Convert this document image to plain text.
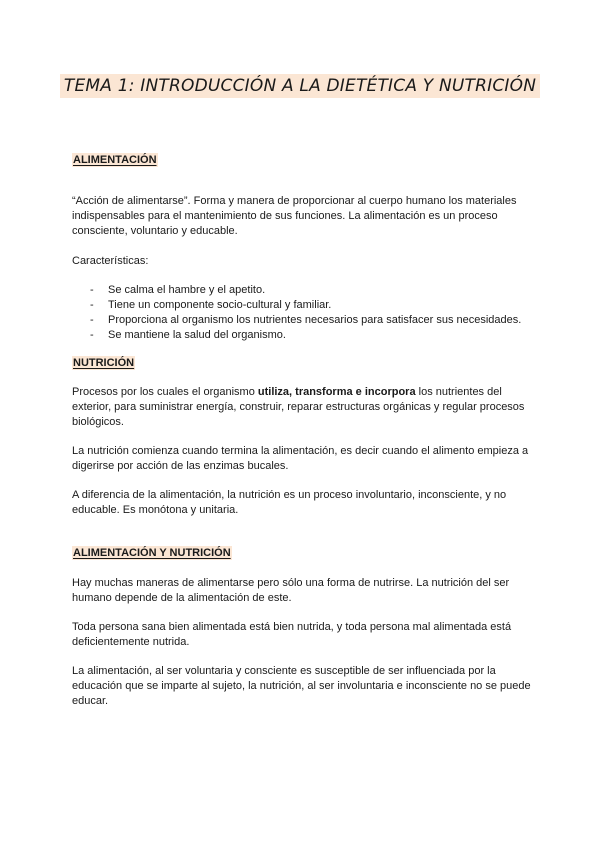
TEMA 1: INTRODUCCIÓN A LA DIETÉTICA Y NUTRICIÓN
ALIMENTACIÓN

“Acción de alimentarse”. Forma y manera de proporcionar al cuerpo humano los materiales indispensables para el mantenimiento de sus funciones. La alimentación es un proceso consciente, voluntario y educable.

Características:

- Se calma el hambre y el apetito.
- Tiene un componente socio-cultural y familiar.
- Proporciona al organismo los nutrientes necesarios para satisfacer sus necesidades.
- Se mantiene la salud del organismo.
NUTRICIÓN

Procesos por los cuales el organismo utiliza, transforma e incorpora los nutrientes del exterior, para suministrar energía, construir, reparar estructuras orgánicas y regular procesos biológicos.

La nutrición comienza cuando termina la alimentación, es decir cuando el alimento empieza a digerirse por acción de las enzimas bucales.

A diferencia de la alimentación, la nutrición es un proceso involuntario, inconsciente, y no educable. Es monótona y unitaria.

ALIMENTACIÓN Y NUTRICIÓN

Hay muchas maneras de alimentarse pero sólo una forma de nutrirse. La nutrición del ser humano depende de la alimentación de este.

Toda persona sana bien alimentada está bien nutrida, y toda persona mal alimentada está deficientemente nutrida.

La alimentación, al ser voluntaria y consciente es susceptible de ser influenciada por la educación que se imparte al sujeto, la nutrición, al ser involuntaria e inconsciente no se puede educar.
